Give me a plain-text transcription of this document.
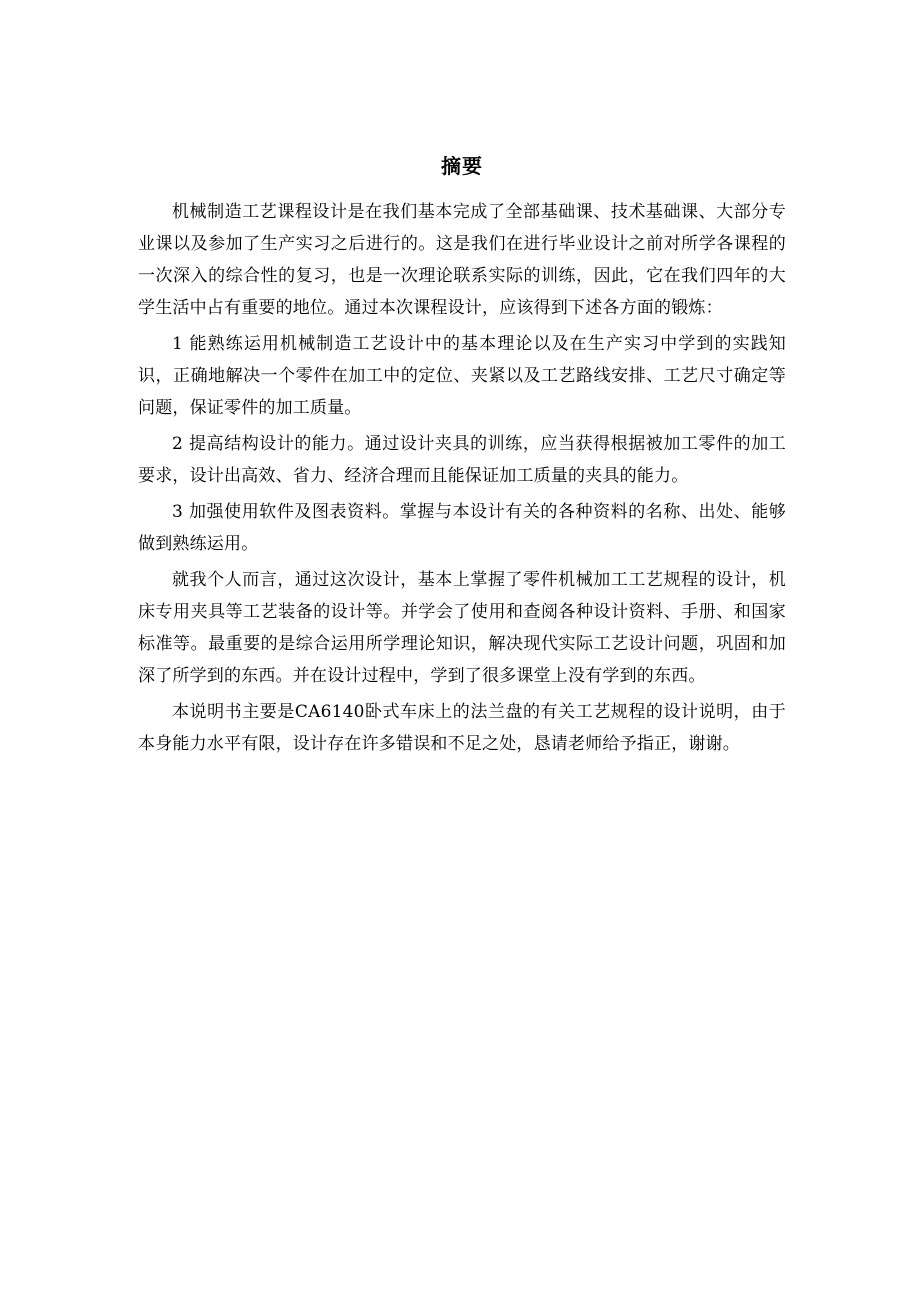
摘要

机械制造工艺课程设计是在我们基本完成了全部基础课、技术基础课、大部分专业课以及参加了生产实习之后进行的。这是我们在进行毕业设计之前对所学各课程的一次深入的综合性的复习，也是一次理论联系实际的训练，因此，它在我们四年的大学生活中占有重要的地位。通过本次课程设计，应该得到下述各方面的锻炼：

1 能熟练运用机械制造工艺设计中的基本理论以及在生产实习中学到的实践知识，正确地解决一个零件在加工中的定位、夹紧以及工艺路线安排、工艺尺寸确定等问题，保证零件的加工质量。

2 提高结构设计的能力。通过设计夹具的训练，应当获得根据被加工零件的加工要求，设计出高效、省力、经济合理而且能保证加工质量的夹具的能力。

3 加强使用软件及图表资料。掌握与本设计有关的各种资料的名称、出处、能够做到熟练运用。

就我个人而言，通过这次设计，基本上掌握了零件机械加工工艺规程的设计，机床专用夹具等工艺装备的设计等。并学会了使用和查阅各种设计资料、手册、和国家标准等。最重要的是综合运用所学理论知识，解决现代实际工艺设计问题，巩固和加深了所学到的东西。并在设计过程中，学到了很多课堂上没有学到的东西。

本说明书主要是CA6140卧式车床上的法兰盘的有关工艺规程的设计说明，由于本身能力水平有限，设计存在许多错误和不足之处，恳请老师给予指正，谢谢。
